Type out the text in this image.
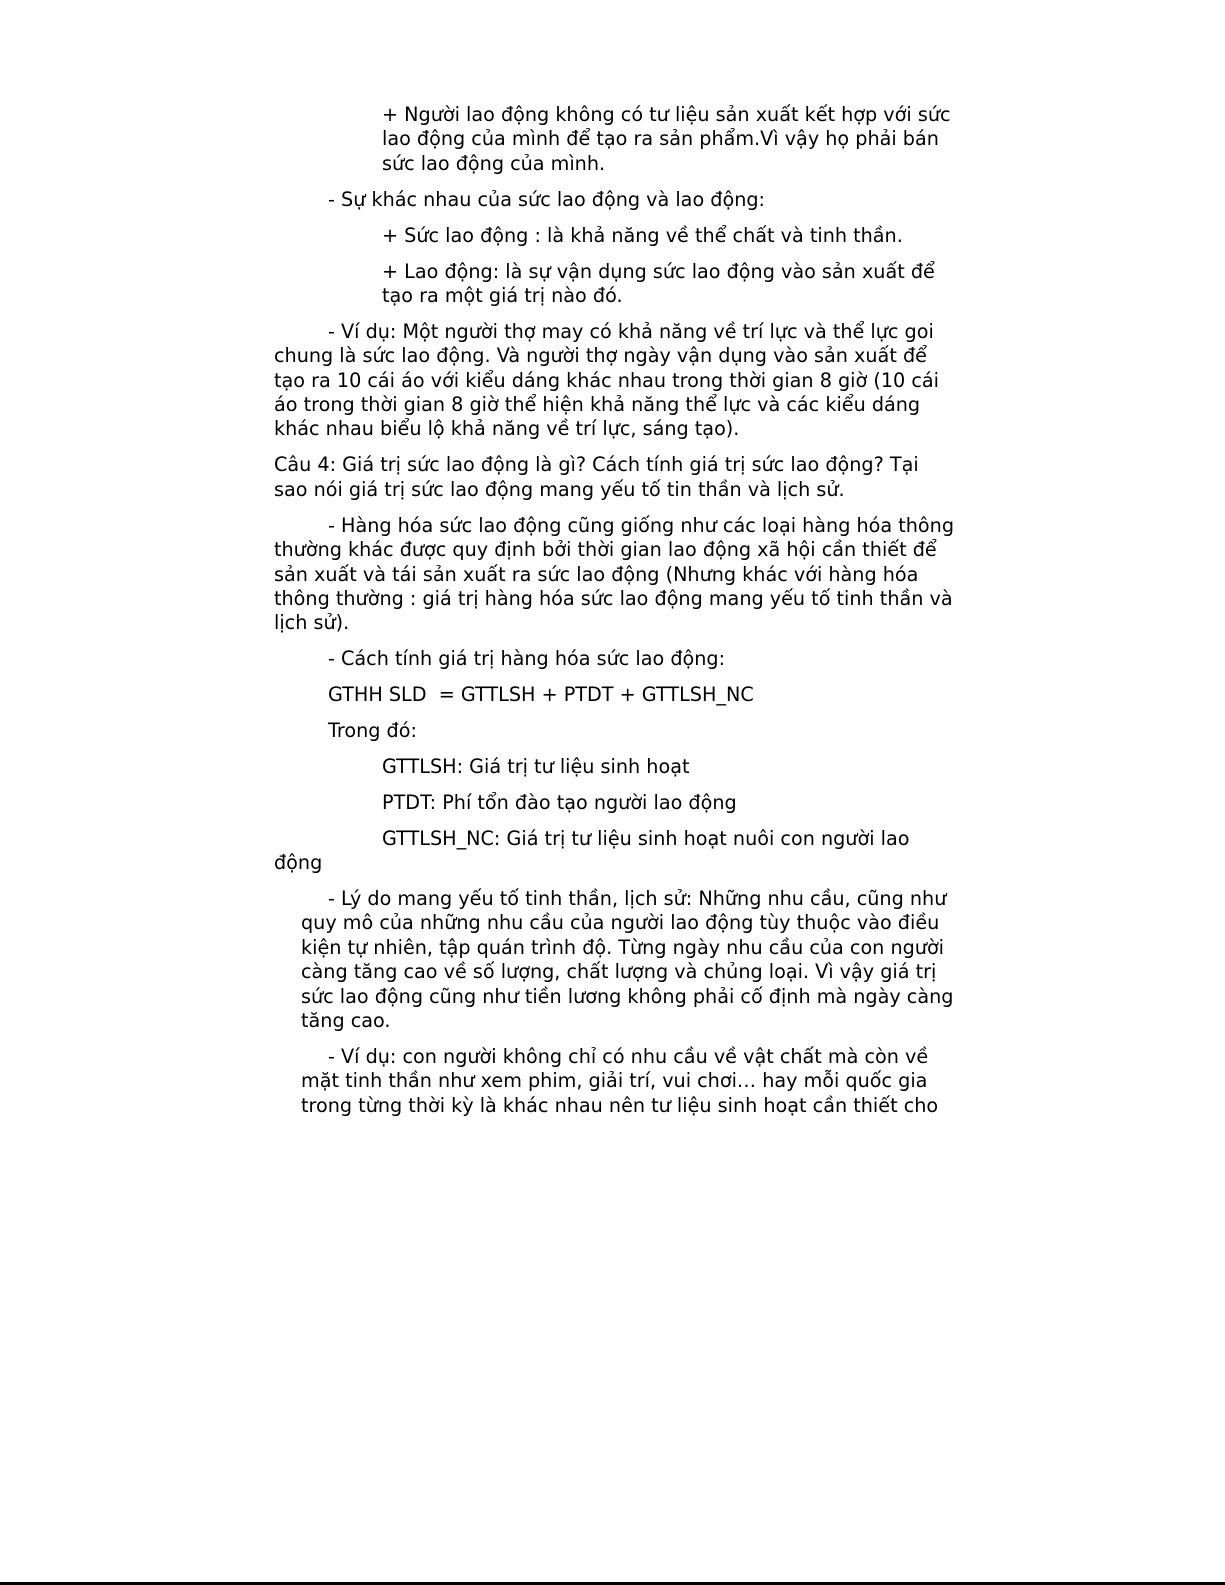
+ Người lao động không có tư liệu sản xuất kết hợp với sức lao động của mình để tạo ra sản phẩm.Vì vậy họ phải bán sức lao động của mình.

- Sự khác nhau của sức lao động và lao động:

+ Sức lao động : là khả năng về thể chất và tinh thần.

+ Lao động: là sự vận dụng sức lao động vào sản xuất để tạo ra một giá trị nào đó.

- Ví dụ: Một người thợ may có khả năng về trí lực và thể lực goi chung là sức lao động. Và người thợ ngày vận dụng vào sản xuất để tạo ra 10 cái áo với kiểu dáng khác nhau trong thời gian 8 giờ (10 cái áo trong thời gian 8 giờ thể hiện khả năng thể lực và các kiểu dáng khác nhau biểu lộ khả năng về trí lực, sáng tạo).

Câu 4: Giá trị sức lao động là gì? Cách tính giá trị sức lao động? Tại sao nói giá trị sức lao động mang yếu tố tin thần và lịch sử.

- Hàng hóa sức lao động cũng giống như các loại hàng hóa thông thường khác được quy định bởi thời gian lao động xã hội cần thiết để sản xuất và tái sản xuất ra sức lao động (Nhưng khác với hàng hóa thông thường : giá trị hàng hóa sức lao động mang yếu tố tinh thần và lịch sử).

- Cách tính giá trị hàng hóa sức lao động:

GTHH SLD  = GTTLSH + PTDT + GTTLSH_NC

Trong đó:

GTTLSH: Giá trị tư liệu sinh hoạt

PTDT: Phí tổn đào tạo người lao động

GTTLSH_NC: Giá trị tư liệu sinh hoạt nuôi con người lao động

- Lý do mang yếu tố tinh thần, lịch sử: Những nhu cầu, cũng như quy mô của những nhu cầu của người lao động tùy thuộc vào điều kiện tự nhiên, tập quán trình độ. Từng ngày nhu cầu của con người càng tăng cao về số lượng, chất lượng và chủng loại. Vì vậy giá trị sức lao động cũng như tiền lương không phải cố định mà ngày càng tăng cao.

- Ví dụ: con người không chỉ có nhu cầu về vật chất mà còn về mặt tinh thần như xem phim, giải trí, vui chơi… hay mỗi quốc gia trong từng thời kỳ là khác nhau nên tư liệu sinh hoạt cần thiết cho
